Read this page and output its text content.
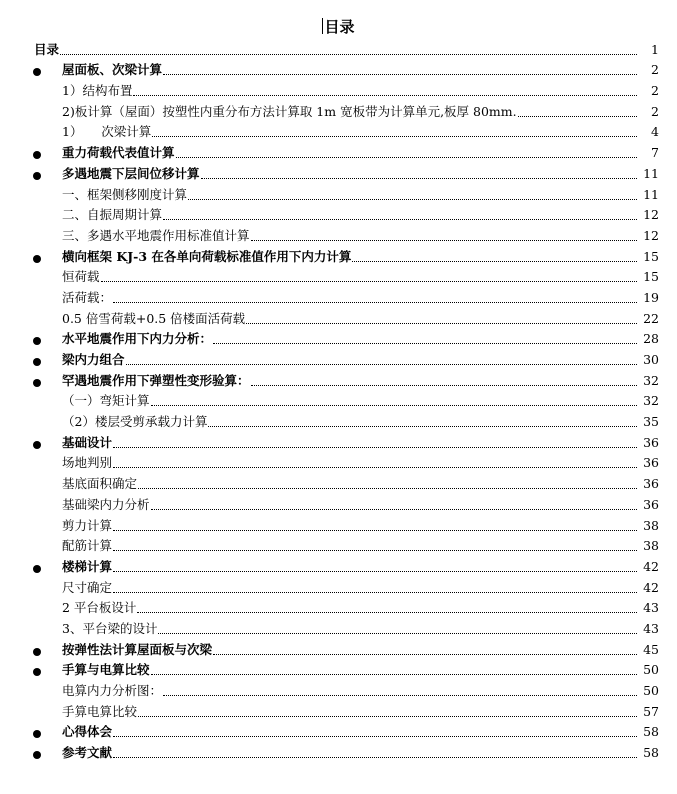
目录
目录	1
屋面板、次梁计算	2
1）结构布置	2
2)板计算（屋面）按塑性内重分布方法计算取 1m 宽板带为计算单元,板厚 80mm.	2
1）　　次梁计算	4
重力荷载代表值计算	7
多遇地震下层间位移计算	11
一、框架侧移刚度计算	11
二、自振周期计算	12
三、多遇水平地震作用标准值计算	12
横向框架 KJ-3 在各单向荷载标准值作用下内力计算	15
恒荷载	15
活荷载：	19
0.5 倍雪荷载+0.5 倍楼面活荷载	22
水平地震作用下内力分析：	28
梁内力组合	30
罕遇地震作用下弹塑性变形验算：	32
（一）弯矩计算	32
（2）楼层受剪承载力计算	35
基础设计	36
场地判别	36
基底面积确定	36
基础梁内力分析	36
剪力计算	38
配筋计算	38
楼梯计算	42
尺寸确定	42
2 平台板设计	43
3、平台梁的设计	43
按弹性法计算屋面板与次梁	45
手算与电算比较	50
电算内力分析图：	50
手算电算比较	57
心得体会	58
参考文献	58
